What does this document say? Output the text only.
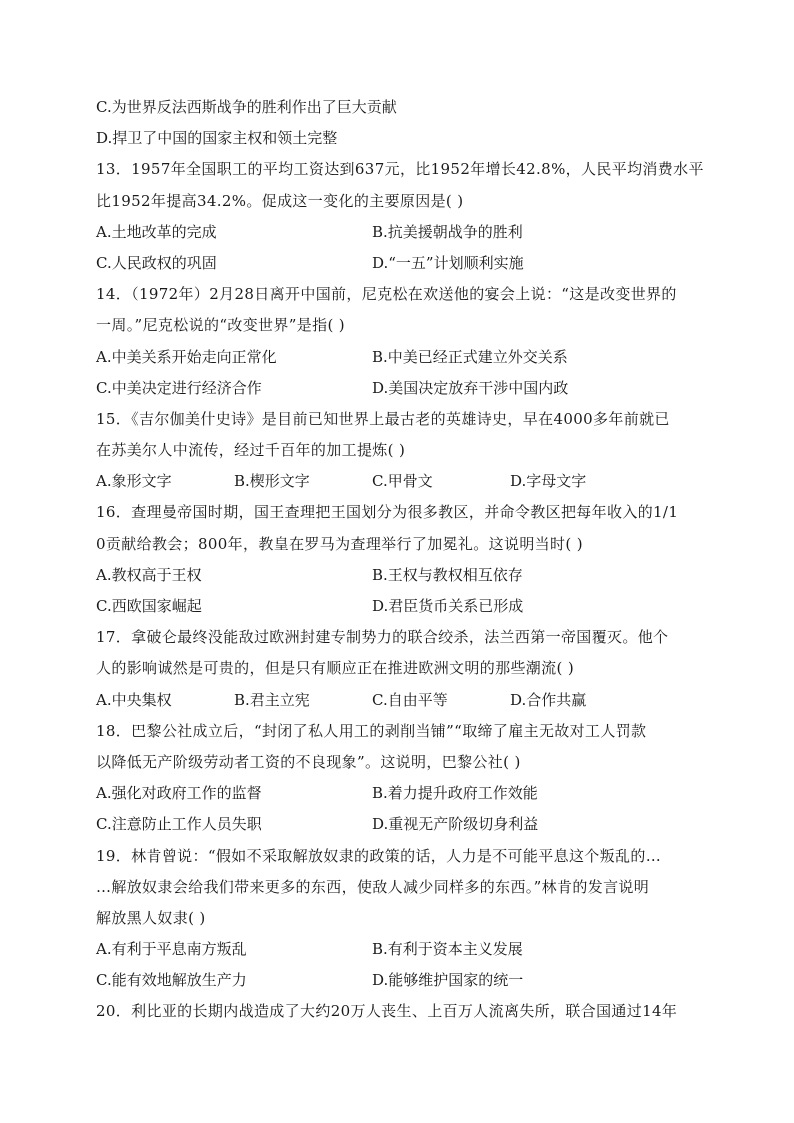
C.为世界反法西斯战争的胜利作出了巨大贡献
D.捍卫了中国的国家主权和领土完整
13．1957年全国职工的平均工资达到637元，比1952年增长42.8%，人民平均消费水平
比1952年提高34.2%。促成这一变化的主要原因是( )
A.土地改革的完成	B.抗美援朝战争的胜利
C.人民政权的巩固	D.“一五”计划顺利实施
14．（1972年）2月28日离开中国前，尼克松在欢送他的宴会上说：“这是改变世界的
一周。”尼克松说的“改变世界”是指( )
A.中美关系开始走向正常化	B.中美已经正式建立外交关系
C.中美决定进行经济合作	D.美国决定放弃干涉中国内政
15．《吉尔伽美什史诗》是目前已知世界上最古老的英雄诗史，早在4000多年前就已
在苏美尔人中流传，经过千百年的加工提炼( )
A.象形文字	B.楔形文字	C.甲骨文	D.字母文字
16．查理曼帝国时期，国王查理把王国划分为很多教区，并命令教区把每年收入的1/1
0贡献给教会；800年，教皇在罗马为查理举行了加冕礼。这说明当时( )
A.教权高于王权	B.王权与教权相互依存
C.西欧国家崛起	D.君臣货币关系已形成
17．拿破仑最终没能敌过欧洲封建专制势力的联合绞杀，法兰西第一帝国覆灭。他个
人的影响诚然是可贵的，但是只有顺应正在推进欧洲文明的那些潮流( )
A.中央集权	B.君主立宪	C.自由平等	D.合作共赢
18．巴黎公社成立后，“封闭了私人用工的剥削当铺”“取缔了雇主无故对工人罚款
以降低无产阶级劳动者工资的不良现象”。这说明，巴黎公社( )
A.强化对政府工作的监督	B.着力提升政府工作效能
C.注意防止工作人员失职	D.重视无产阶级切身利益
19．林肯曾说：“假如不采取解放奴隶的政策的话，人力是不可能平息这个叛乱的…
…解放奴隶会给我们带来更多的东西，使敌人减少同样多的东西。”林肯的发言说明
解放黑人奴隶( )
A.有利于平息南方叛乱	B.有利于资本主义发展
C.能有效地解放生产力	D.能够维护国家的统一
20．利比亚的长期内战造成了大约20万人丧生、上百万人流离失所，联合国通过14年
